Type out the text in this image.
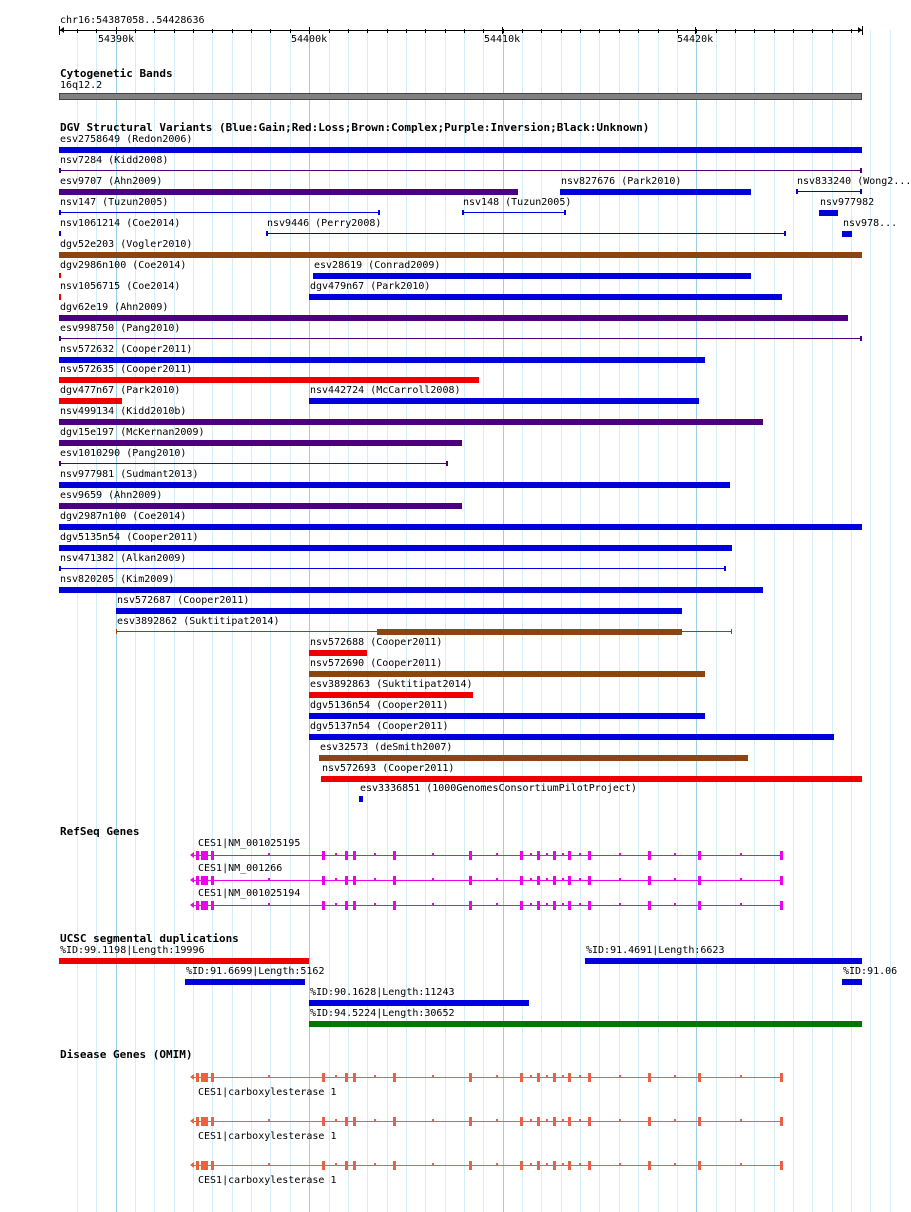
chr16:54387058..54428636
54390k	54400k	54410k	54420k
Cytogenetic Bands
16q12.2
DGV Structural Variants (Blue:Gain;Red:Loss;Brown:Complex;Purple:Inversion;Black:Unknown)
esv2758649 (Redon2006)
nsv7284 (Kidd2008)
esv9707 (Ahn2009)	nsv827676 (Park2010)	nsv833240 (Wong2...
nsv147 (Tuzun2005)	nsv148 (Tuzun2005)	nsv977982
nsv1061214 (Coe2014)	nsv9446 (Perry2008)	nsv978...
dgv52e203 (Vogler2010)
dgv2986n100 (Coe2014)	esv28619 (Conrad2009)
nsv1056715 (Coe2014)	dgv479n67 (Park2010)
dgv62e19 (Ahn2009)
esv998750 (Pang2010)
nsv572632 (Cooper2011)
nsv572635 (Cooper2011)
dgv477n67 (Park2010)	nsv442724 (McCarroll2008)
nsv499134 (Kidd2010b)
dgv15e197 (McKernan2009)
esv1010290 (Pang2010)
nsv977981 (Sudmant2013)
esv9659 (Ahn2009)
dgv2987n100 (Coe2014)
dgv5135n54 (Cooper2011)
nsv471382 (Alkan2009)
nsv820205 (Kim2009)
nsv572687 (Cooper2011)
esv3892862 (Suktitipat2014)
nsv572688 (Cooper2011)
nsv572690 (Cooper2011)
esv3892863 (Suktitipat2014)
dgv5136n54 (Cooper2011)
dgv5137n54 (Cooper2011)
esv32573 (deSmith2007)
nsv572693 (Cooper2011)
esv3336851 (1000GenomesConsortiumPilotProject)
RefSeq Genes
CES1|NM_001025195
CES1|NM_001266
CES1|NM_001025194
UCSC segmental duplications
%ID:99.1198|Length:19996	%ID:91.4691|Length:6623
%ID:91.6699|Length:5162	%ID:91.06
%ID:90.1628|Length:11243
%ID:94.5224|Length:30652
Disease Genes (OMIM)
CES1|carboxylesterase 1
CES1|carboxylesterase 1
CES1|carboxylesterase 1
